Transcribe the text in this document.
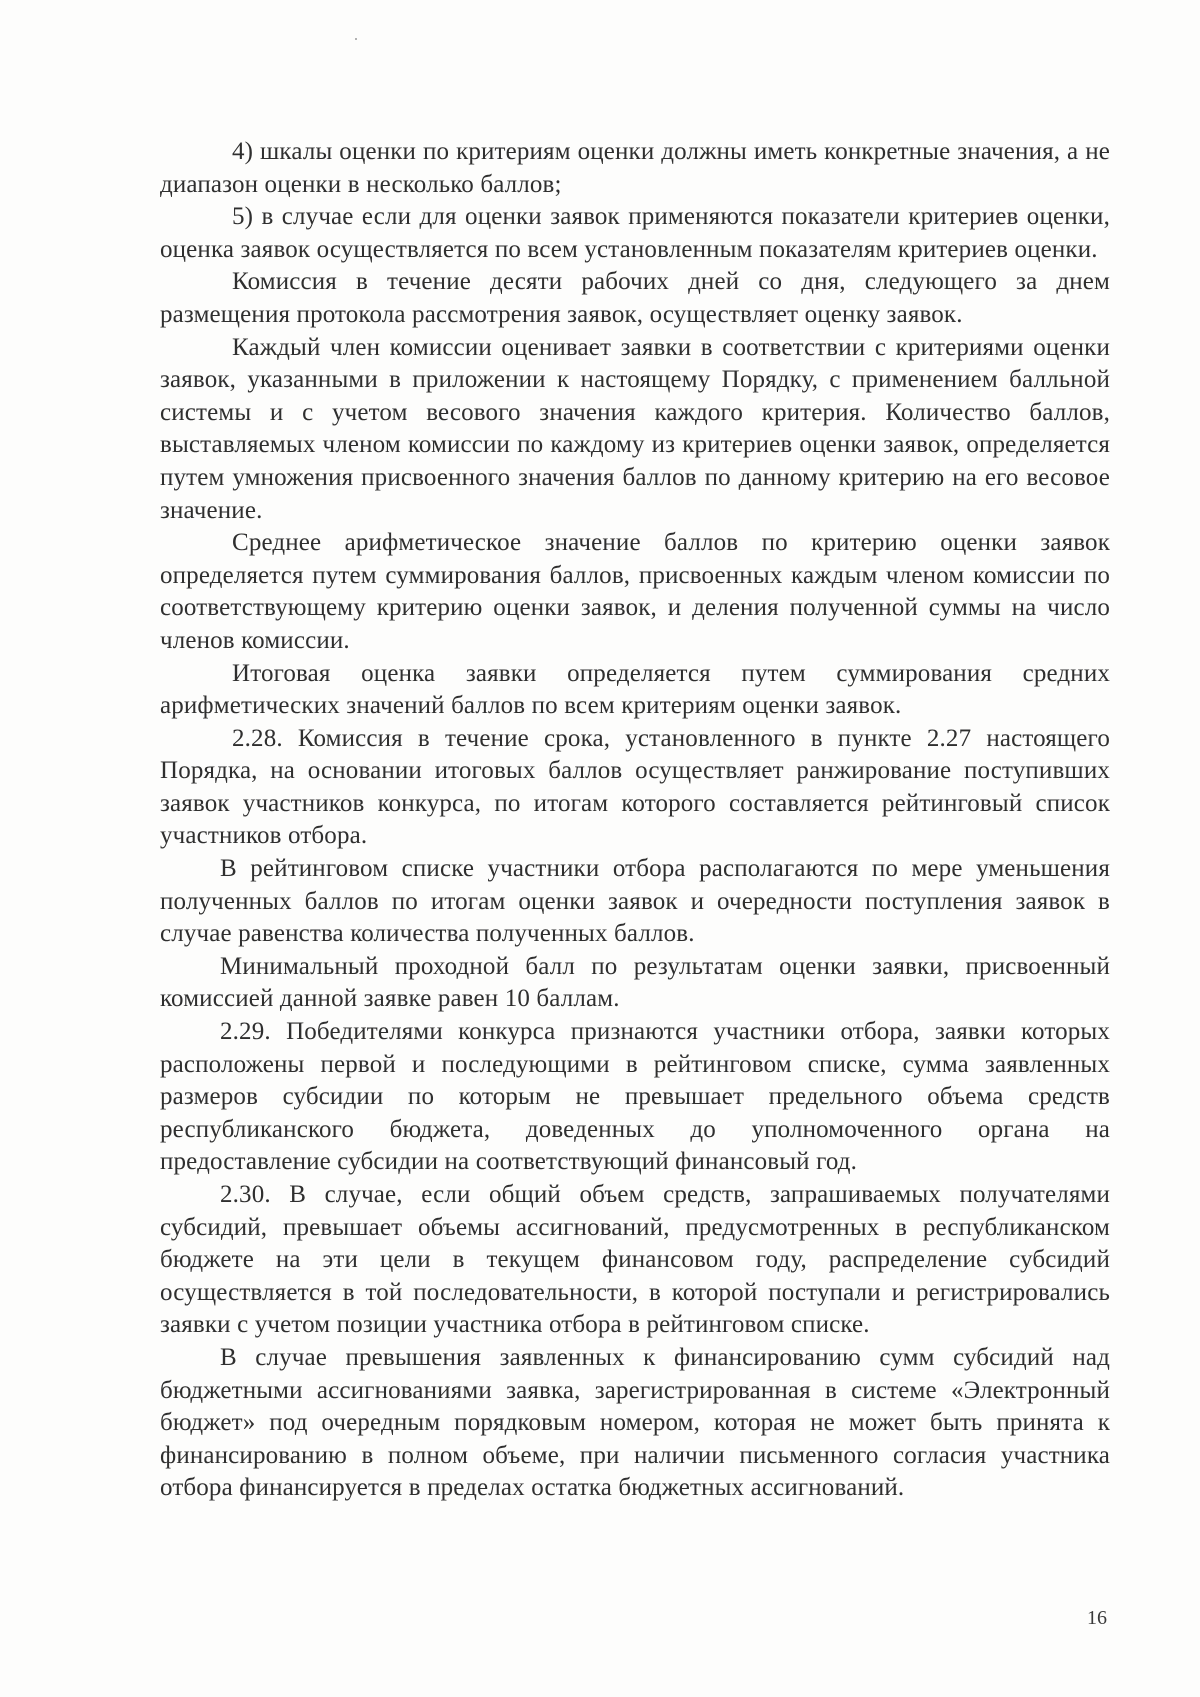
4) шкалы оценки по критериям оценки должны иметь конкретные значения, а не диапазон оценки в несколько баллов;

5) в случае если для оценки заявок применяются показатели критериев оценки, оценка заявок осуществляется по всем установленным показателям критериев оценки.

Комиссия в течение десяти рабочих дней со дня, следующего за днем размещения протокола рассмотрения заявок, осуществляет оценку заявок.

Каждый член комиссии оценивает заявки в соответствии с критериями оценки заявок, указанными в приложении к настоящему Порядку, с применением балльной системы и с учетом весового значения каждого критерия. Количество баллов, выставляемых членом комиссии по каждому из критериев оценки заявок, определяется путем умножения присвоенного значения баллов по данному критерию на его весовое значение.

Среднее арифметическое значение баллов по критерию оценки заявок определяется путем суммирования баллов, присвоенных каждым членом комиссии по соответствующему критерию оценки заявок, и деления полученной суммы на число членов комиссии.

Итоговая оценка заявки определяется путем суммирования средних арифметических значений баллов по всем критериям оценки заявок.

2.28. Комиссия в течение срока, установленного в пункте 2.27 настоящего Порядка, на основании итоговых баллов осуществляет ранжирование поступивших заявок участников конкурса, по итогам которого составляется рейтинговый список участников отбора.

В рейтинговом списке участники отбора располагаются по мере уменьшения полученных баллов по итогам оценки заявок и очередности поступления заявок в случае равенства количества полученных баллов.

Минимальный проходной балл по результатам оценки заявки, присвоенный комиссией данной заявке равен 10 баллам.

2.29. Победителями конкурса признаются участники отбора, заявки которых расположены первой и последующими в рейтинговом списке, сумма заявленных размеров субсидии по которым не превышает предельного объема средств республиканского бюджета, доведенных до уполномоченного органа на предоставление субсидии на соответствующий финансовый год.

2.30. В случае, если общий объем средств, запрашиваемых получателями субсидий, превышает объемы ассигнований, предусмотренных в республиканском бюджете на эти цели в текущем финансовом году, распределение субсидий осуществляется в той последовательности, в которой поступали и регистрировались заявки с учетом позиции участника отбора в рейтинговом списке.

В случае превышения заявленных к финансированию сумм субсидий над бюджетными ассигнованиями заявка, зарегистрированная в системе «Электронный бюджет» под очередным порядковым номером, которая не может быть принята к финансированию в полном объеме, при наличии письменного согласия участника отбора финансируется в пределах остатка бюджетных ассигнований.

16
